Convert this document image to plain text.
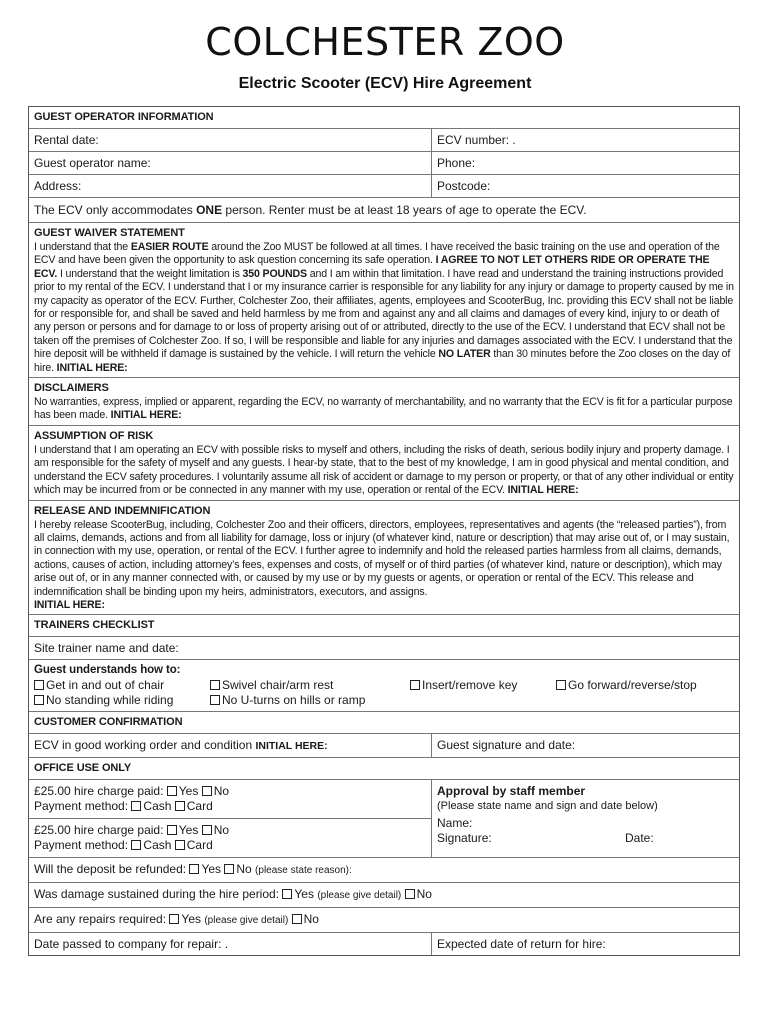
COLCHESTER ZOO
Electric Scooter (ECV) Hire Agreement
GUEST OPERATOR INFORMATION
Rental date:	ECV number: .
Guest operator name:	Phone:
Address:	Postcode:
The ECV only accommodates ONE person. Renter must be at least 18 years of age to operate the ECV.
GUEST WAIVER STATEMENT
I understand that the EASIER ROUTE around the Zoo MUST be followed at all times. I have received the basic training on the use and operation of the ECV and have been given the opportunity to ask question concerning its safe operation. I AGREE TO NOT LET OTHERS RIDE OR OPERATE THE ECV. I understand that the weight limitation is 350 POUNDS and I am within that limitation. I have read and understand the training instructions provided prior to my rental of the ECV. I understand that I or my insurance carrier is responsible for any liability for any injury or damage to property caused by me in my capacity as operator of the ECV. Further, Colchester Zoo, their affiliates, agents, employees and ScooterBug, Inc. providing this ECV shall not be liable for or responsible for, and shall be saved and held harmless by me from and against any and all claims and damages of every kind, injury to or death of any person or persons and for damage to or loss of property arising out of or attributed, directly to the use of the ECV. I understand that ECV shall not be taken off the premises of Colchester Zoo. If so, I will be responsible and liable for any injuries and damages associated with the ECV. I understand that the hire deposit will be withheld if damage is sustained by the vehicle. I will return the vehicle NO LATER than 30 minutes before the Zoo closes on the day of hire. INITIAL HERE:
DISCLAIMERS
No warranties, express, implied or apparent, regarding the ECV, no warranty of merchantability, and no warranty that the ECV is fit for a particular purpose has been made. INITIAL HERE:
ASSUMPTION OF RISK
I understand that I am operating an ECV with possible risks to myself and others, including the risks of death, serious bodily injury and property damage. I am responsible for the safety of myself and any guests. I hear-by state, that to the best of my knowledge, I am in good physical and mental condition, and understand the ECV safety procedures. I voluntarily assume all risk of accident or damage to my person or property, or that of any other individual or entity which may be incurred from or be connected in any manner with my use, operation or rental of the ECV. INITIAL HERE:
RELEASE AND INDEMNIFICATION
I hereby release ScooterBug, including, Colchester Zoo and their officers, directors, employees, representatives and agents (the “released parties”), from all claims, demands, actions and from all liability for damage, loss or injury (of whatever kind, nature or description) that may arise out of, or I may sustain, in connection with my use, operation, or rental of the ECV. I further agree to indemnify and hold the released parties harmless from all claims, demands, actions, causes of action, including attorney’s fees, expenses and costs, of myself or of third parties (of whatever kind, nature or description), which may arise out of, or in any manner connected with, or caused by my use or by my guests or agents, or operation or rental of the ECV. This release and indemnification shall be binding upon my heirs, administrators, executors, and assigns.
INITIAL HERE:
TRAINERS CHECKLIST
Site trainer name and date:
Guest understands how to:
Get in and out of chair	Swivel chair/arm rest	Insert/remove key	Go forward/reverse/stop
No standing while riding	No U-turns on hills or ramp
CUSTOMER CONFIRMATION
ECV in good working order and condition INITIAL HERE:	Guest signature and date:
OFFICE USE ONLY
£25.00 hire charge paid: Yes No
Payment method: Cash Card
£25.00 hire charge paid: Yes No
Payment method: Cash Card
Approval by staff member
(Please state name and sign and date below)
Name:
Signature:	Date:
Will the deposit be refunded: Yes No (please state reason):
Was damage sustained during the hire period: Yes (please give detail) No
Are any repairs required: Yes (please give detail) No
Date passed to company for repair: .	Expected date of return for hire:
